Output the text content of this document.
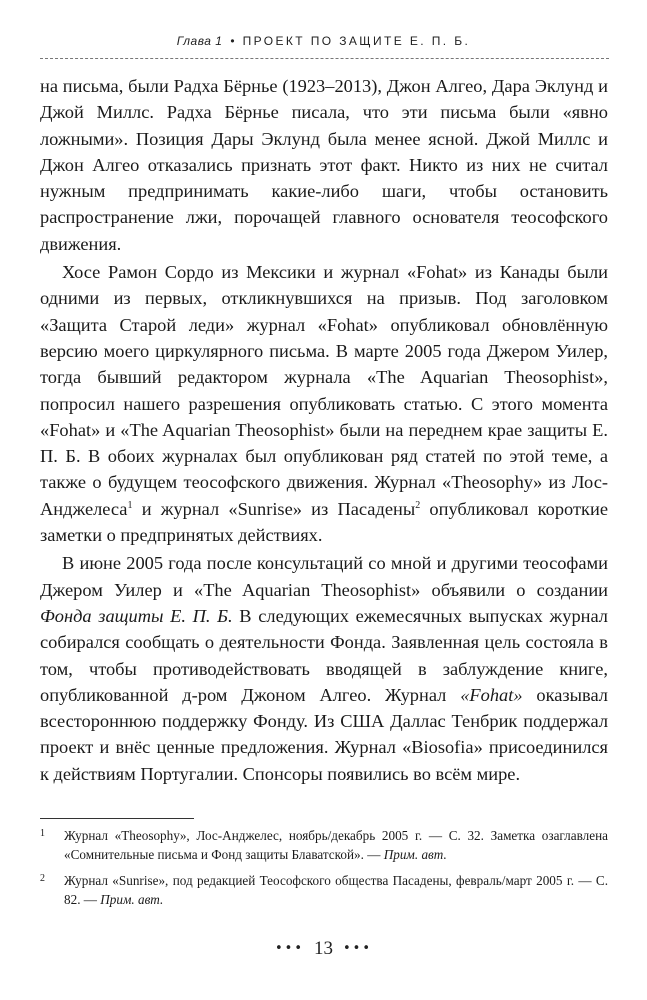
Глава 1 • ПРОЕКТ ПО ЗАЩИТЕ Е. П. Б.

на письма, были Радха Бёрнье (1923–2013), Джон Алгео, Дара Эклунд и Джой Миллс. Радха Бёрнье писала, что эти письма были «явно ложными». Позиция Дары Эклунд была менее ясной. Джой Миллс и Джон Алгео отказались признать этот факт. Никто из них не считал нужным предпринимать какие-либо шаги, чтобы остановить распространение лжи, порочащей главного основателя теософского движения.

Хосе Рамон Сордо из Мексики и журнал «Fohat» из Канады были одними из первых, откликнувшихся на призыв. Под заголовком «Защита Старой леди» журнал «Fohat» опубликовал обновлённую версию моего циркулярного письма. В марте 2005 года Джером Уилер, тогда бывший редактором журнала «The Aquarian Theosophist», попросил нашего разрешения опубликовать статью. С этого момента «Fohat» и «The Aquarian Theosophist» были на переднем крае защиты Е. П. Б. В обоих журналах был опубликован ряд статей по этой теме, а также о будущем теософского движения. Журнал «Theosophy» из Лос-Анджелеса$^1$ и журнал «Sunrise» из Пасадены$^2$ опубликовал короткие заметки о предпринятых действиях.

В июне 2005 года после консультаций со мной и другими теософами Джером Уилер и «The Aquarian Theosophist» объявили о создании Фонда защиты Е. П. Б. В следующих ежемесячных выпусках журнал собирался сообщать о деятельности Фонда. Заявленная цель состояла в том, чтобы противодействовать вводящей в заблуждение книге, опубликованной д-ром Джоном Алгео. Журнал «Fohat» оказывал всестороннюю поддержку Фонду. Из США Даллас Тенбрик поддержал проект и внёс ценные предложения. Журнал «Biosofia» присоединился к действиям Португалии. Спонсоры появились во всём мире.

1 Журнал «Theosophy», Лос-Анджелес, ноябрь/декабрь 2005 г. — С. 32. Заметка озаглавлена «Сомнительные письма и Фонд защиты Блаватской». — Прим. авт.
2 Журнал «Sunrise», под редакцией Теософского общества Пасадены, февраль/март 2005 г. — С. 82. — Прим. авт.
••• 13 •••
